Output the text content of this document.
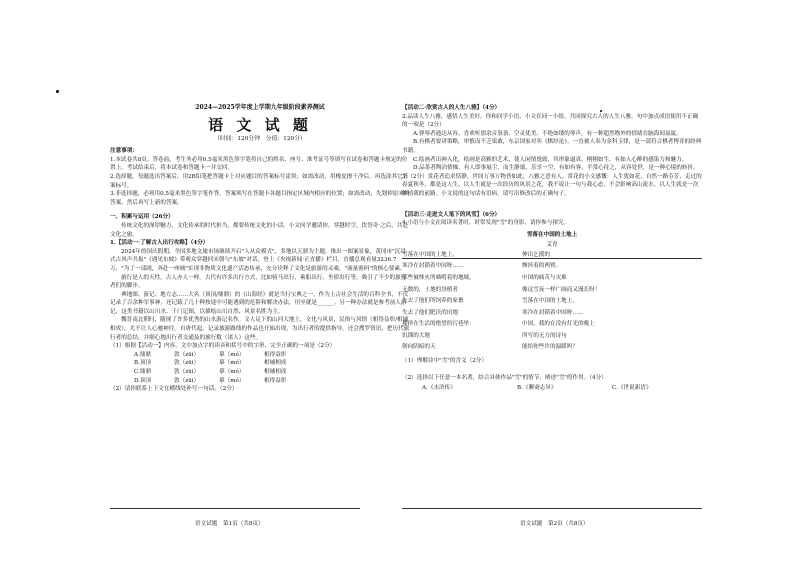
2024—2025学年度上学期九年级阶段素养测试
语 文 试 题
（时间：120分钟　分值：120分）
注意事项：
1.本试卷共8页。答卷前，考生务必用0.5毫米黑色签字笔将自己的姓名、座号、准考证号等填写在试卷和答题卡规定的位置上。考试结束后，将本试卷和答题卡一并交回。
2.选择题，每题选出答案后，用2B铅笔把答题卡上对应题目的答案标号涂黑；如需改动，用橡皮擦干净后，再选涂其它答案标号。
3.非选择题，必须用0.5毫米黑色签字笔作答，答案须写在答题卡各题目指定区域内相应的位置；如需改动，先划掉原来的答案，然后再写上新的答案。
一、积累与运用（26分）
传统文化的深厚魅力，文化传承的时代担当，都要传统文化的小话。小文同学邀请你，穿越时空，饮誉奇·之后，共赴文化之旅。
1.【活动一·了解古人出行攻略】（4分）
2024年的国庆假期，全国多地文旅市场继续开启"人从众模式"，多地以五鼎为主题，推出一图案景象，黄冈市"沉浸式古风声共振"《遇见东坡》带观众穿越回宋朝与"东坡"对话，登上《央视新闻·正直播》栏目，直播总观看量3236.7万，"为了一部剧，奔赴一座城"实现非物质文化遗产活态传承，充分诠释了文化是旅游的灵魂，"流量密码"的核心要素。
旅行是人的天性，古人亦人一样。古代有许多出行方式，比如骑马出行、乘船出行、坐轿出行等，吸引了不少的旅行者们的脚步。
典地图、游记、地方志……大名（顶顶/鼎鼎）的《山海经》就是当行宝典之一，作为上古社会生活的百科全书，不仅记录了百余种军事神，还记载了几十种按途中可能遇到的危险和解决办法，用至就是______。另一种办法就是参考前人游记，这类书籍以山川水、千门记图，以描绘山川自然、风景名胜为主。
魏晋南北朝时，随现了许多优秀的山水游记名作。文人足下的山河大地上，文化与风景，民俗与风情（相得益彰/相辅相成），尤不让人心驰神往。自唐代起，记录旅游路线的作品也开始出现，为出行者的提供指导，还会搜罗资讯，把历代旅行者的总结，并细心地出行者交通及的旅行数（诸人）这些。
（1）根据【活动一】内容，文中加点字的读音和括号中的字形，完全正确的一项是（2分）
A.鼎鼎	敦（zūi）	摹（mó）	相得益彰
B.顶顶	敦（zūi）	摹（mó）	相辅相成
C.鼎鼎	敦（zūi）	摹（mó）	相辅相成
D.顶顶	敦（zūi）	摹（mó）	相得益彰
（2）请你联系上下文在横线处补写一句话。（2分）
语文试题　第1页（共8页）
【活动二·欣赏古人的人生八雅】（4分）
2.品读人生八雅，感悟人生美好。你和同学小语、小文在同一小组，共同探究古人的人生八雅。句中加点成语使用不正确的一项是（2分）
A.弹琴者通达从容，喜欢听那余音袅袅、空灵优美、不绝如缕的琴声，有一种超然物外的情绪在脑海间氤氲。
B.有棋者要讲策略，审慎而不乏果敢，东京国家对弈《棋经论》，一直被人奉为金科玉律，是一部符合棋者博弈的经典书籍。
C.绘画者出神入化，绘画是高雅的艺术，使人闲情逸致，其形象逼真，栩栩如生，有如人心醉的感染力和魅力。
D.品茶者陶冶情操，有人即事展尘，而生静谧，乐享一空，有如有客，平常心待之，从容处世，是一种心境的转折。
3.（2分）赏花者追求恬静，世间万事万物皆如此，八雅之意有人。赏花的小文感慨：人生犹如花，自然一路芬芳，走过的春夏秋冬，都是这人生，以人生就是一次经历的风景之花，我不说让一句与我心态，不会影响高山流水。以人生就是一次种植我的前路。小文说的这句话有语病，请写出修改后的正确句子。
【活动三·走进文人笔下的风雪】（6分）
4.小语与小文在阅读名著时，时常发现"雪"的身影，请你参与探究。
雪落在中国的土地上
艾青
雪落在中国的土地上，	伸出乞援的
寒冷在封锁着中国呀……	颤抖着的两臂。
那些被烽火所啮啃着的地域，	中国的痛苦与灾难
无数的，土地的垦植者	像这雪夜一样广阔而又漫长呀！
失去了他们所饲养的家畜	雪落在中国的土地上，
失去了他们肥沃的田地	寒冷在封锁着中国呀……
拥挤在生活的绝望的污巷里：	中国，我的在没有灯光的晚上
饥馑的大地	所写的无力的诗句
朝向阴暗的天	能给你些许的温暖吗？
（1）理解诗中"雪"的含义（2分）
（2）选择以下任意一本名著，结合具体作品"雪"的情节，阐述"雪"的作用。（4分）
A.《水浒传》	B.《聊斋志异》	C.《世说新语》
语文试题　第2页（共8页）
